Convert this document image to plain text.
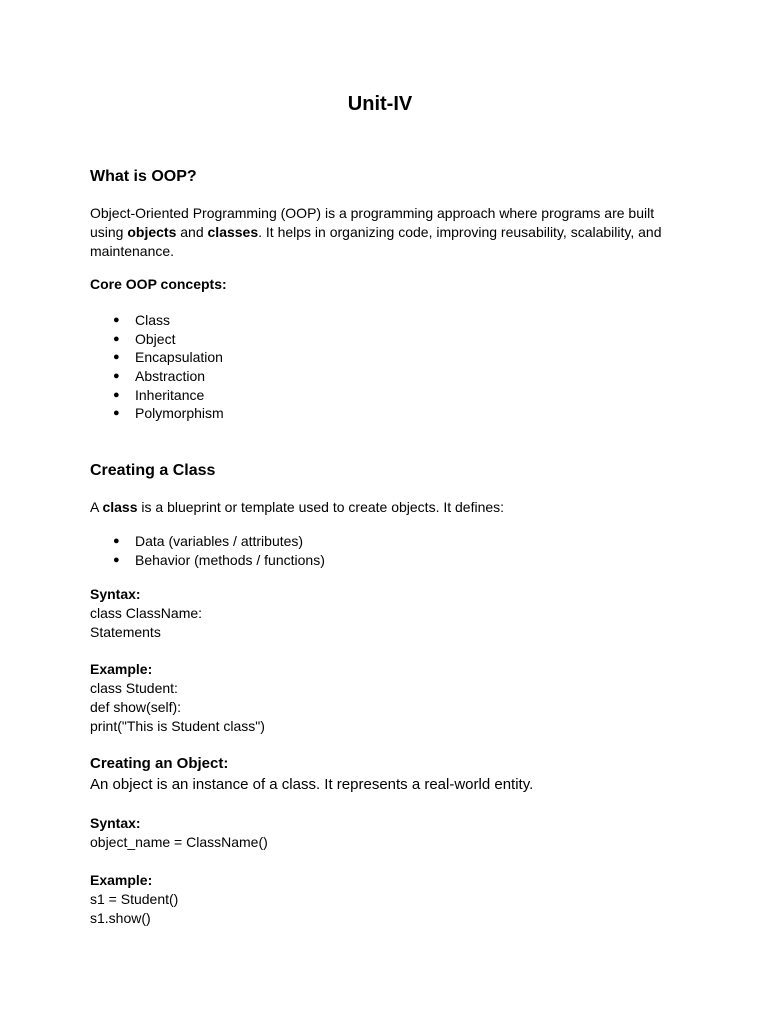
Unit-IV
What is OOP?
Object-Oriented Programming (OOP) is a programming approach where programs are built using objects and classes. It helps in organizing code, improving reusability, scalability, and maintenance.
Core OOP concepts:
● Class
● Object
● Encapsulation
● Abstraction
● Inheritance
● Polymorphism
Creating a Class
A class is a blueprint or template used to create objects. It defines:
● Data (variables / attributes)
● Behavior (methods / functions)
Syntax:
class ClassName:
Statements
Example:
class Student:
def show(self):
print("This is Student class")
Creating an Object:
An object is an instance of a class. It represents a real-world entity.
Syntax:
object_name = ClassName()
Example:
s1 = Student()
s1.show()
